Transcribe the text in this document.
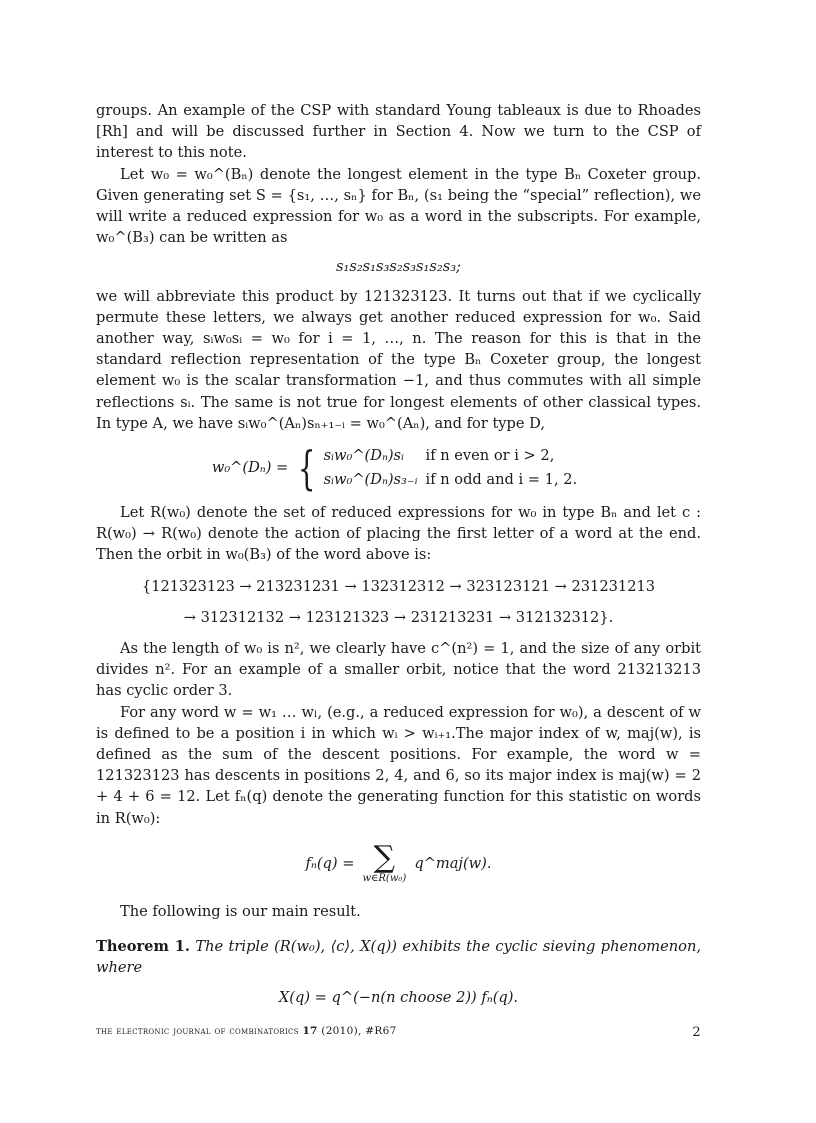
groups. An example of the CSP with standard Young tableaux is due to Rhoades [Rh] and will be discussed further in Section 4. Now we turn to the CSP of interest to this note.

Let w₀ = w₀^(Bₙ) denote the longest element in the type Bₙ Coxeter group. Given generating set S = {s₁, …, sₙ} for Bₙ, (s₁ being the “special” reflection), we will write a reduced expression for w₀ as a word in the subscripts. For example, w₀^(B₃) can be written as

s₁s₂s₁s₃s₂s₃s₁s₂s₃;

we will abbreviate this product by 121323123. It turns out that if we cyclically permute these letters, we always get another reduced expression for w₀. Said another way, sᵢw₀sᵢ = w₀ for i = 1, …, n. The reason for this is that in the standard reflection representation of the type Bₙ Coxeter group, the longest element w₀ is the scalar transformation −1, and thus commutes with all simple reflections sᵢ. The same is not true for longest elements of other classical types. In type A, we have sᵢw₀^(Aₙ)sₙ₊₁₋ᵢ = w₀^(Aₙ), and for type D,

w₀^(Dₙ) = { sᵢw₀^(Dₙ)sᵢ	if n even or i > 2,
sᵢw₀^(Dₙ)s₃₋ᵢ	if n odd and i = 1, 2.

Let R(w₀) denote the set of reduced expressions for w₀ in type Bₙ and let c : R(w₀) → R(w₀) denote the action of placing the first letter of a word at the end. Then the orbit in w₀(B₃) of the word above is:

{121323123 → 213231231 → 132312312 → 323123121 → 231231213
→ 312312132 → 123121323 → 231213231 → 312132312}.

As the length of w₀ is n², we clearly have c^(n²) = 1, and the size of any orbit divides n². For an example of a smaller orbit, notice that the word 213213213 has cyclic order 3.

For any word w = w₁ … wₗ, (e.g., a reduced expression for w₀), a descent of w is defined to be a position i in which wᵢ > wᵢ₊₁.The major index of w, maj(w), is defined as the sum of the descent positions. For example, the word w = 121323123 has descents in positions 2, 4, and 6, so its major index is maj(w) = 2 + 4 + 6 = 12. Let fₙ(q) denote the generating function for this statistic on words in R(w₀):

fₙ(q) = ∑
w∈R(w₀)
q^maj(w).

The following is our main result.

Theorem 1. The triple (R(w₀), ⟨c⟩, X(q)) exhibits the cyclic sieving phenomenon, where

X(q) = q^(−n(n choose 2)) fₙ(q).
the electronic journal of combinatorics 17 (2010), #R67	2
